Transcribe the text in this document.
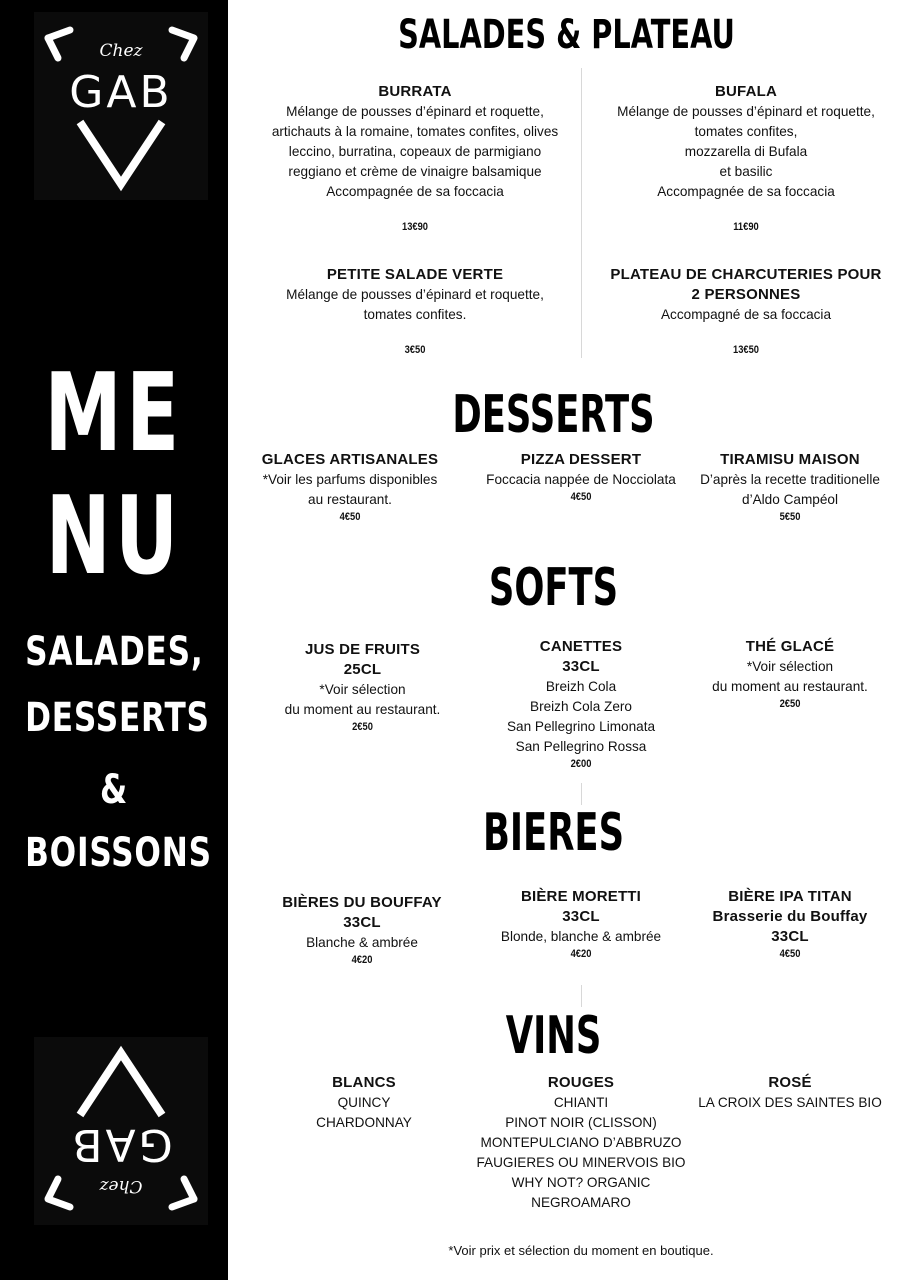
Chez
GAB
ME
NU
SALADES,
DESSERTS
&
BOISSONS
Chez
GAB
SALADES & PLATEAU
BURRATA
Mélange de pousses d’épinard et roquette,
artichauts à la romaine, tomates confites, olives
leccino, burratina, copeaux de parmigiano
reggiano et crème de vinaigre balsamique
Accompagnée de sa foccacia
13€90
BUFALA
Mélange de pousses d’épinard et roquette,
tomates confites,
mozzarella di Bufala
et basilic
Accompagnée de sa foccacia
11€90
PETITE SALADE VERTE
Mélange de pousses d’épinard et roquette,
tomates confites.
3€50
PLATEAU DE CHARCUTERIES POUR
2 PERSONNES
Accompagné de sa foccacia
13€50
DESSERTS
GLACES ARTISANALES
*Voir les parfums disponibles
au restaurant.
4€50
PIZZA DESSERT
Foccacia nappée de Nocciolata
4€50
TIRAMISU MAISON
D’après la recette traditionelle
d’Aldo Campéol
5€50
SOFTS
JUS DE FRUITS
25CL
*Voir sélection
du moment au restaurant.
2€50
CANETTES
33CL
Breizh Cola
Breizh Cola Zero
San Pellegrino Limonata
San Pellegrino Rossa
2€00
THÉ GLACÉ
*Voir sélection
du moment au restaurant.
2€50
BIERES
BIÈRES DU BOUFFAY
33CL
Blanche & ambrée
4€20
BIÈRE MORETTI
33CL
Blonde, blanche & ambrée
4€20
BIÈRE IPA TITAN
Brasserie du Bouffay
33CL
4€50
VINS
BLANCS
QUINCY
CHARDONNAY
ROUGES
CHIANTI
PINOT NOIR (CLISSON)
MONTEPULCIANO D’ABBRUZO
FAUGIERES OU MINERVOIS BIO
WHY NOT? ORGANIC NEGROAMARO
ROSÉ
LA CROIX DES SAINTES BIO
*Voir prix et sélection du moment en boutique.
